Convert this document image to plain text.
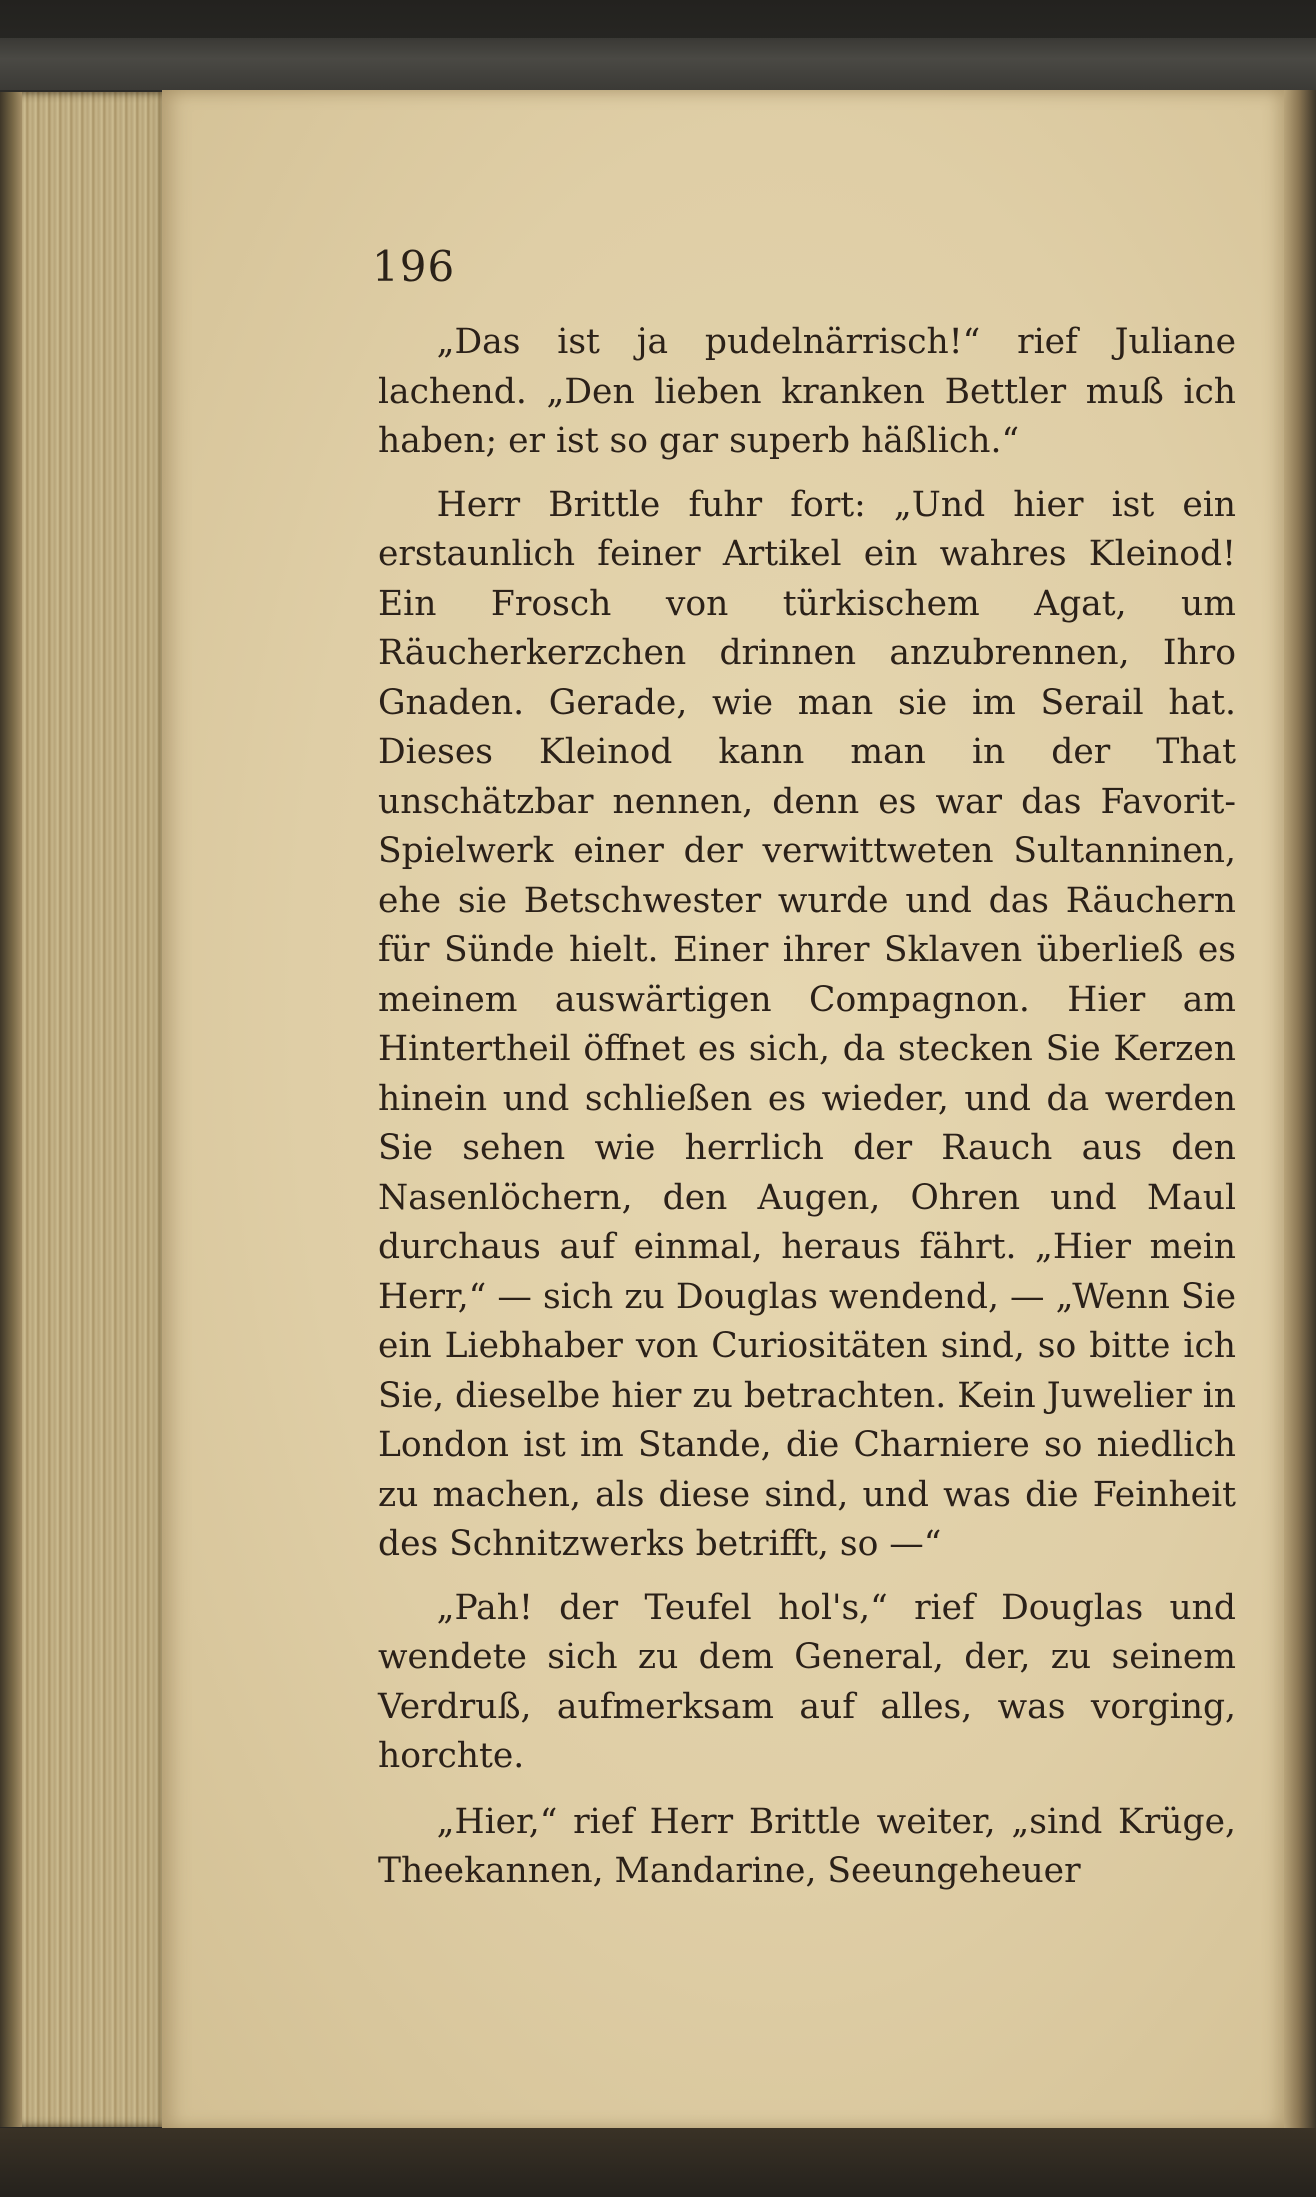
196

„Das ist ja pudelnärrisch!“ rief Juliane lachend. „Den lieben kranken Bettler muß ich haben; er ist so gar superb häßlich.“

Herr Brittle fuhr fort: „Und hier ist ein erstaunlich feiner Artikel ein wahres Kleinod! Ein Frosch von türkischem Agat, um Räucherkerzchen drinnen anzubrennen, Ihro Gnaden. Gerade, wie man sie im Serail hat. Dieses Kleinod kann man in der That unschätzbar nennen, denn es war das Favorit-Spielwerk einer der verwittweten Sultanninen, ehe sie Betschwester wurde und das Räuchern für Sünde hielt. Einer ihrer Sklaven überließ es meinem auswärtigen Compagnon. Hier am Hintertheil öffnet es sich, da stecken Sie Kerzen hinein und schließen es wieder, und da werden Sie sehen wie herrlich der Rauch aus den Nasenlöchern, den Augen, Ohren und Maul durchaus auf einmal, heraus fährt. „Hier mein Herr,“ — sich zu Douglas wendend, — „Wenn Sie ein Liebhaber von Curiositäten sind, so bitte ich Sie, dieselbe hier zu betrachten. Kein Juwelier in London ist im Stande, die Charniere so niedlich zu machen, als diese sind, und was die Feinheit des Schnitzwerks betrifft, so —“

„Pah! der Teufel hol's,“ rief Douglas und wendete sich zu dem General, der, zu seinem Verdruß, aufmerksam auf alles, was vorging, horchte.

„Hier,“ rief Herr Brittle weiter, „sind Krüge, Theekannen, Mandarine, Seeungeheuer
